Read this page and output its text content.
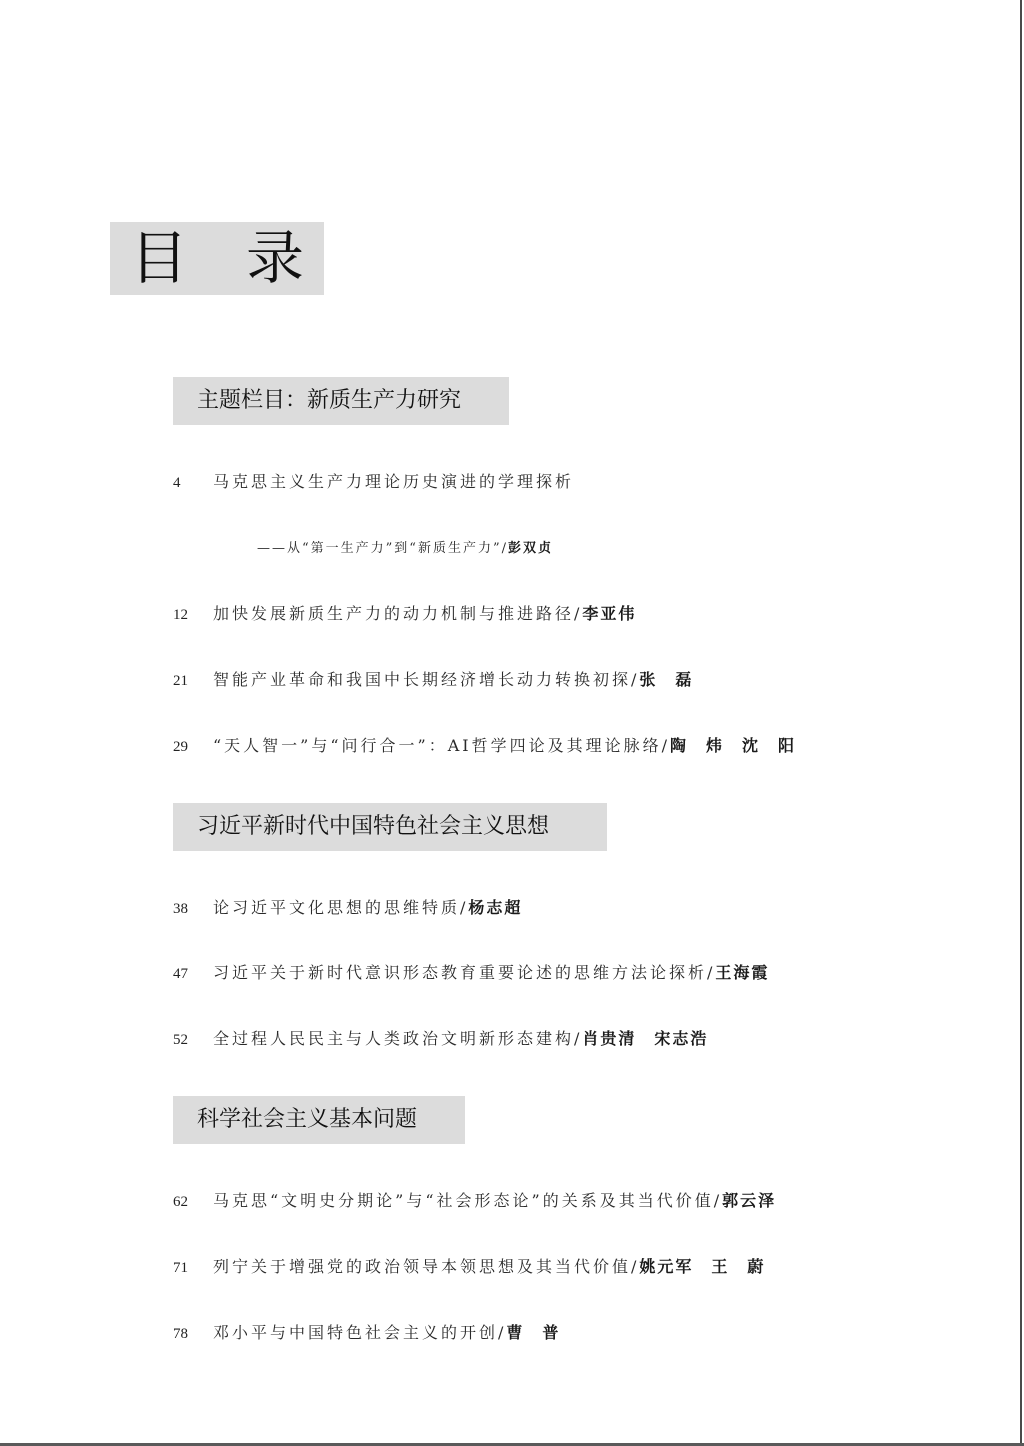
目录
主题栏目：新质生产力研究
4 马克思主义生产力理论历史演进的学理探析
——从“第一生产力”到“新质生产力”/彭双贞
12 加快发展新质生产力的动力机制与推进路径/李亚伟
21 智能产业革命和我国中长期经济增长动力转换初探/张　磊
29 “天人智一”与“问行合一”：AI哲学四论及其理论脉络/陶　炜　沈　阳
习近平新时代中国特色社会主义思想
38 论习近平文化思想的思维特质/杨志超
47 习近平关于新时代意识形态教育重要论述的思维方法论探析/王海霞
52 全过程人民民主与人类政治文明新形态建构/肖贵清　宋志浩
科学社会主义基本问题
62 马克思“文明史分期论”与“社会形态论”的关系及其当代价值/郭云泽
71 列宁关于增强党的政治领导本领思想及其当代价值/姚元军　王　蔚
78 邓小平与中国特色社会主义的开创/曹　普
